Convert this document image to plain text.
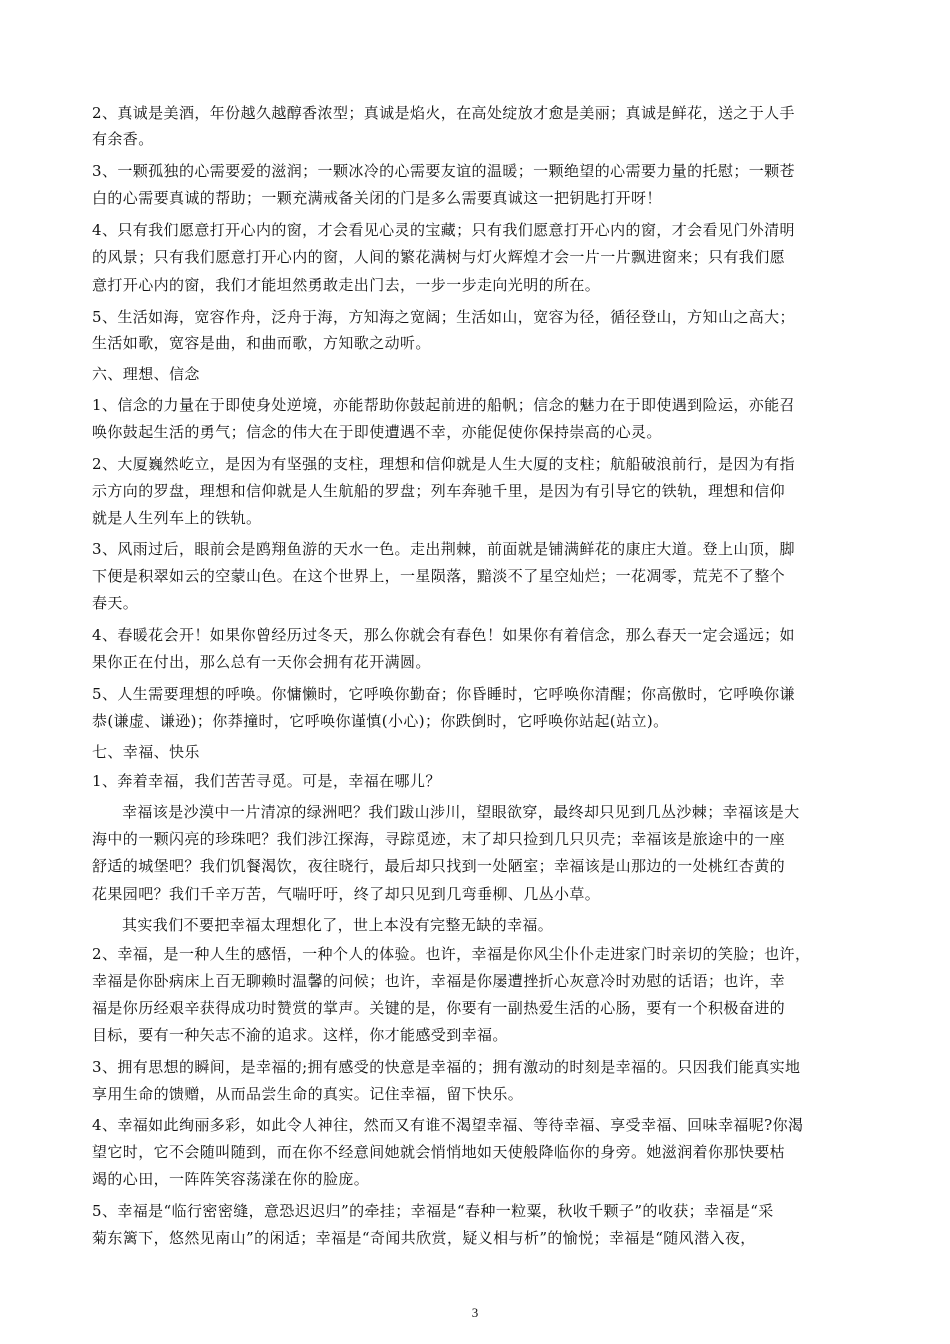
2、真诚是美酒，年份越久越醇香浓型；真诚是焰火，在高处绽放才愈是美丽；真诚是鲜花，送之于人手
有余香。
3、一颗孤独的心需要爱的滋润；一颗冰冷的心需要友谊的温暖；一颗绝望的心需要力量的托慰；一颗苍
白的心需要真诚的帮助；一颗充满戒备关闭的门是多么需要真诚这一把钥匙打开呀！
4、只有我们愿意打开心内的窗，才会看见心灵的宝藏；只有我们愿意打开心内的窗，才会看见门外清明
的风景；只有我们愿意打开心内的窗，人间的繁花满树与灯火辉煌才会一片一片飘进窗来；只有我们愿
意打开心内的窗，我们才能坦然勇敢走出门去，一步一步走向光明的所在。
5、生活如海，宽容作舟，泛舟于海，方知海之宽阔；生活如山，宽容为径，循径登山，方知山之高大；
生活如歌，宽容是曲，和曲而歌，方知歌之动听。
六、理想、信念
1、信念的力量在于即使身处逆境，亦能帮助你鼓起前进的船帆；信念的魅力在于即使遇到险运，亦能召
唤你鼓起生活的勇气；信念的伟大在于即使遭遇不幸，亦能促使你保持崇高的心灵。
2、大厦巍然屹立，是因为有坚强的支柱，理想和信仰就是人生大厦的支柱；航船破浪前行，是因为有指
示方向的罗盘，理想和信仰就是人生航船的罗盘；列车奔驰千里，是因为有引导它的铁轨，理想和信仰
就是人生列车上的铁轨。
3、风雨过后，眼前会是鸥翔鱼游的天水一色。走出荆棘，前面就是铺满鲜花的康庄大道。登上山顶，脚
下便是积翠如云的空蒙山色。在这个世界上，一星陨落，黯淡不了星空灿烂；一花凋零，荒芜不了整个
春天。
4、春暖花会开！如果你曾经历过冬天，那么你就会有春色！如果你有着信念，那么春天一定会遥远；如
果你正在付出，那么总有一天你会拥有花开满圆。
5、人生需要理想的呼唤。你慵懒时，它呼唤你勤奋；你昏睡时，它呼唤你清醒；你高傲时，它呼唤你谦
恭(谦虚、谦逊)；你莽撞时，它呼唤你谨慎(小心)；你跌倒时，它呼唤你站起(站立)。
七、幸福、快乐
1、奔着幸福，我们苦苦寻觅。可是，幸福在哪儿？
幸福该是沙漠中一片清凉的绿洲吧？我们跋山涉川，望眼欲穿，最终却只见到几丛沙棘；幸福该是大
海中的一颗闪亮的珍珠吧？我们涉江探海，寻踪觅迹，末了却只捡到几只贝壳；幸福该是旅途中的一座
舒适的城堡吧？我们饥餐渴饮，夜往晓行，最后却只找到一处陋室；幸福该是山那边的一处桃红杏黄的
花果园吧？我们千辛万苦，气喘吁吁，终了却只见到几弯垂柳、几丛小草。
其实我们不要把幸福太理想化了，世上本没有完整无缺的幸福。
2、幸福，是一种人生的感悟，一种个人的体验。也许，幸福是你风尘仆仆走进家门时亲切的笑脸；也许，
幸福是你卧病床上百无聊赖时温馨的问候；也许，幸福是你屡遭挫折心灰意冷时劝慰的话语；也许，幸
福是你历经艰辛获得成功时赞赏的掌声。关键的是，你要有一副热爱生活的心肠，要有一个积极奋进的
目标，要有一种矢志不渝的追求。这样，你才能感受到幸福。
3、拥有思想的瞬间，是幸福的;拥有感受的快意是幸福的；拥有激动的时刻是幸福的。只因我们能真实地
享用生命的馈赠，从而品尝生命的真实。记住幸福，留下快乐。
4、幸福如此绚丽多彩，如此令人神往，然而又有谁不渴望幸福、等待幸福、享受幸福、回味幸福呢?你渴
望它时，它不会随叫随到，而在你不经意间她就会悄悄地如天使般降临你的身旁。她滋润着你那快要枯
竭的心田，一阵阵笑容荡漾在你的脸庞。
5、幸福是“临行密密缝，意恐迟迟归”的牵挂；幸福是“春种一粒粟，秋收千颗子”的收获；幸福是“采
菊东篱下，悠然见南山”的闲适；幸福是“奇闻共欣赏，疑义相与析”的愉悦；幸福是“随风潜入夜，
3
